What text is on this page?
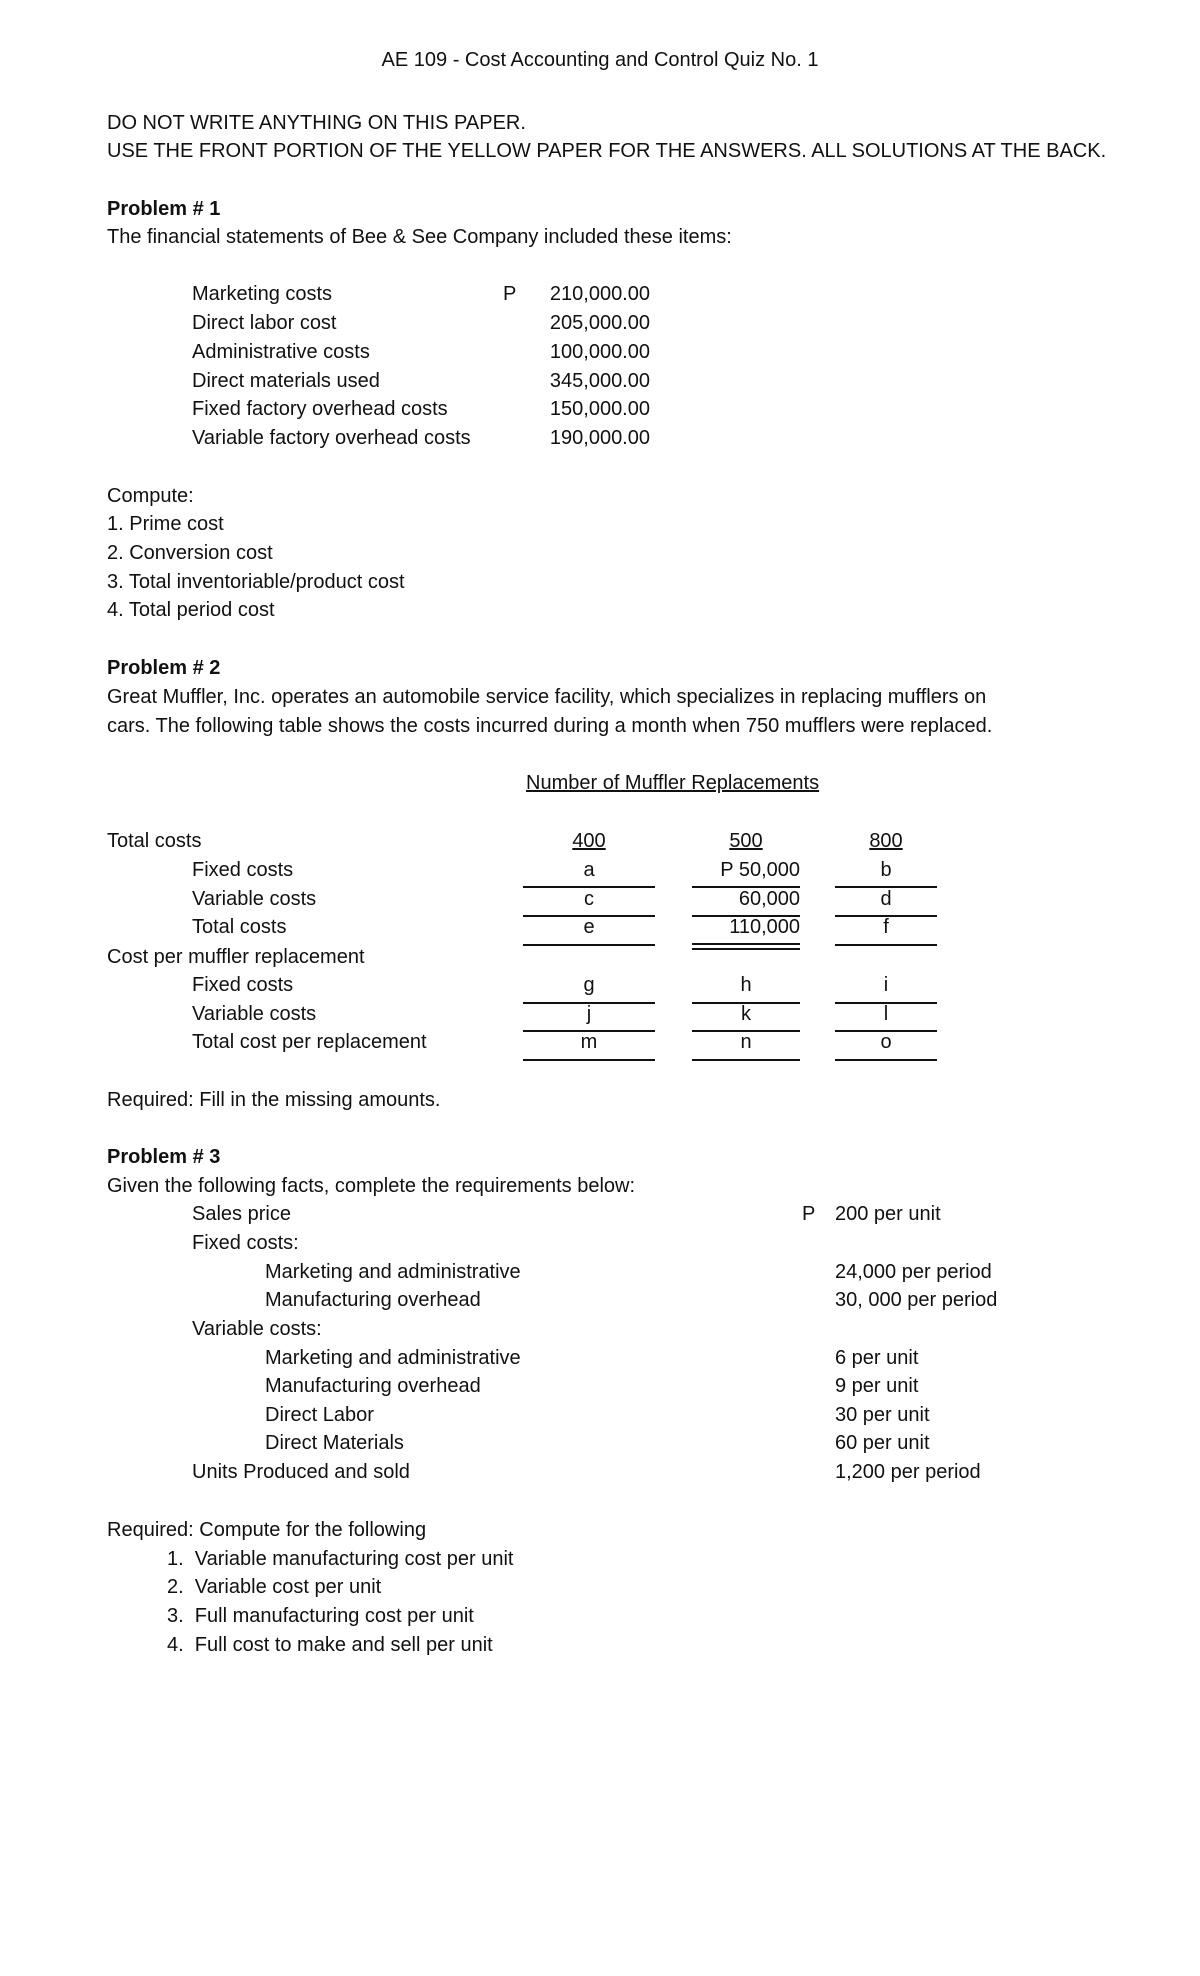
AE 109 - Cost Accounting and Control Quiz No. 1
DO NOT WRITE ANYTHING ON THIS PAPER.
USE THE FRONT PORTION OF THE YELLOW PAPER FOR THE ANSWERS. ALL SOLUTIONS AT THE BACK.
Problem # 1
The financial statements of Bee & See Company included these items:
P
Marketing costs	210,000.00
Direct labor cost	205,000.00
Administrative costs	100,000.00
Direct materials used	345,000.00
Fixed factory overhead costs	150,000.00
Variable factory overhead costs	190,000.00
Compute:
1. Prime cost
2. Conversion cost
3. Total inventoriable/product cost
4. Total period cost
Problem # 2
Great Muffler, Inc. operates an automobile service facility, which specializes in replacing mufflers on
cars. The following table shows the costs incurred during a month when 750 mufflers were replaced.
Number of Muffler Replacements
Total costs	400	500	800
Fixed costs	a	P 50,000	b
Variable costs	c	60,000	d
Total costs	e	110,000	f
Cost per muffler replacement
Fixed costs	g	h	i
Variable costs	j	k	l
Total cost per replacement	m	n	o
Required: Fill in the missing amounts.
Problem # 3
Given the following facts, complete the requirements below:
Sales price	P 200 per unit
Fixed costs:
Marketing and administrative	24,000 per period
Manufacturing overhead	30, 000 per period
Variable costs:
Marketing and administrative	6 per unit
Manufacturing overhead	9 per unit
Direct Labor	30 per unit
Direct Materials	60 per unit
Units Produced and sold	1,200 per period
Required: Compute for the following
1.  Variable manufacturing cost per unit
2.  Variable cost per unit
3.  Full manufacturing cost per unit
4.  Full cost to make and sell per unit
